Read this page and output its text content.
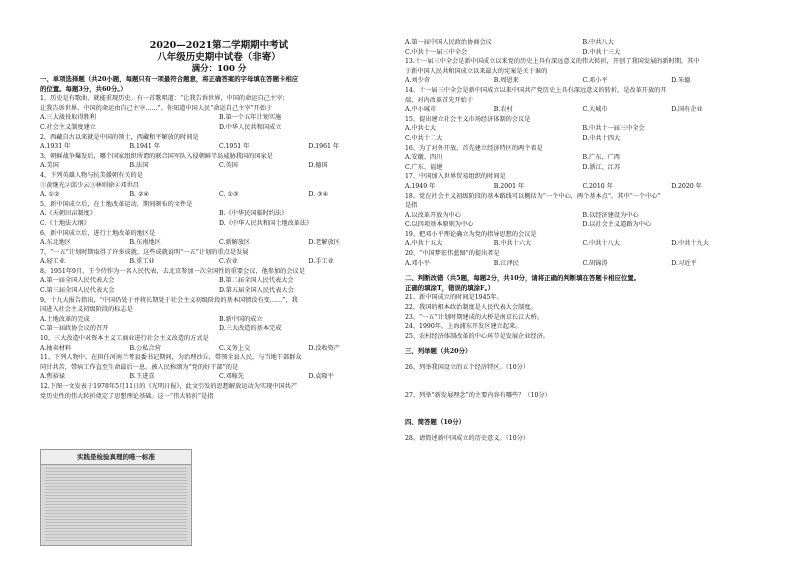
2020—2021第二学期期中考试
八年级历史期中试卷（非寄）
满分：100 分
一、单项选择题（共20小题，每题只有一项最符合题意，将正确答案的字母填在答题卡相应
的位置。每题3分，共60分。）
1、历史是有歌曲，就能重现历史。有一首歌唱道：“让我告诉世界，中国的命运自己主宰；
让我告诉世界，中国的命运由自己主宰……”。你知道中国人民“命运自己主宰”开始于
A.三大战役取得胜利	B.第一个五年计划实施
C.社会主义制度建立	D.中华人民共和国成立
2、西藏自古以来就是中国的领土，西藏和平解放的时间是
A.1931 年	B.1941 年	C.1951 年	D.1961 年
3、朝鲜战争爆发后，哪个国家组织所谓的联合国军队入侵朝鲜半岛威胁我国的国家是
A.美国	B.法国	C.英国	D.德国
4、下列英雄人物与抗美援朝有关的是
①黄继光②邱少云③林则徐④邓世昌
A. ①②	B. ②④	C. ①③	D. ③④
5、新中国成立后，在土地改革运动，期间颁布的文件是
A.《天朝田亩制度》	B.《中华民国临时约法》
C.《土地法大纲》	D.《中华人民共和国土地改革法》
6、新中国成立后，进行土地改革的地区是
A.东北地区	B.东南地区	C.新解放区	D.老解放区
7、“一五”计划时期取得了许多成就，这些成就说明“一五”计划的重点是发展
A.轻工业	B.重工业	C.农业	D.手工业
8、1951年9月，王令侍作为一名人民代表，去北京参加一次全国性的重要会议，他参加的会议是
A.第一届全国人民代表大会	B.第二届全国人民代表大会
C.第三届全国人民代表大会	D.第五届全国人民代表大会
9、十九大报告指出，“中国仍处于并将长期处于社会主义初级阶段的基本国情没有变……”，我
国进入社会主义初级阶段的标志是
A.土地改革的完成	B.新中国的成立
C.第一届政协会议的召开	D.三大改造的基本完成
10、三大改造中对资本主义工商业进行社会主义改造的方式是
A.抽卖材料	B.公私合营	C.义务上交	D.没收资产
11、下列人物中，在担任河南兰考县委书记期间，为治理沙丘，带领全县人民，与当地干部群众
同甘共苦，带病工作直至生命最后一息。被人民称颂为“党的好干部”的是
A.焦裕禄	B.王进喜	C.邓稼先	D.袁隆平
12.下图一文发表于1978年5月11日的《光明日报》，此文引发的思想解放运动为实现中国共产
党历史性的伟大转折奠定了思想理论基础。这一“伟大转折”是指
A.第一届中国人民政治协商会议	B.中共八大
C.中共十一届三中全会	D.中共十三大
13.十一届三中全会是新中国成立以来党的历史上具有深远意义的伟大转折，开创了我国发展的新时期，其中
于新中国人民共和国成立以来最大的宪案是关于谁的
A.刘少奇	B.周恩来	C.邓小平	D.朱德
14、十一届三中全会是新中国成立以来中国共产党历史上具有深远意义的转折，是改革开放的开
端，对内改革首先开始于
A.中小城市	B.农村	C.大城市	D.国有企业
15、提出建立社会主义市场经济体制的会议是
A.中共七大	B.中共十一届三中全会
C.中共十二大	D.中共十四大
16、为了对外开放，首先建立经济特区的两个省是
A.安徽、四川	B.广东、广西
C.广东、福建	D.浙江、江苏
17、中国加入世界贸易组织的时间是
A.1949 年	B.2001 年	C.2010 年	D.2020 年
18、党在社会主义初级阶段的基本路线可以概括为“一个中心，两个基本点”。其中“一个中心”
是指
A.以改革开放为中心	B.以经济建设为中心
C.以四项基本原则为中心	D.以社会主义道路为中心
19、把邓小平理论确立为党的指导思想的会议是
A.中共十五大	B.中共十六大	C.中共十八大	D.中共十九大
20、“中国梦宏伟蓝图”的提出者是
A.邓小平	B.江泽民	C.胡锦涛	D.习近平
二、判断改错（共5题，每题2分，共10分，请将正确的判断填在答题卡相应位置。
正确的填涂T，错误的填涂F。）
21、新中国成立的时间是1945年。
22、我国的根本政治制度是人民代表大会制度。
23、“一五”计划时期建成的大桥是南京长江大桥。
24、1990年，上海浦东开发区建立起来。
25、农村经济体制改革的中心环节是发展企业经济。
三、列举题（共20分）
26、列举我国设立的五个经济特区。（10分）
27、列举“新发展理念”的主要内容有哪些？（10分）
四、简答题（10分）
28、请简述新中国成立的历史意义。（10分）
实践是检验真理的唯一标准
